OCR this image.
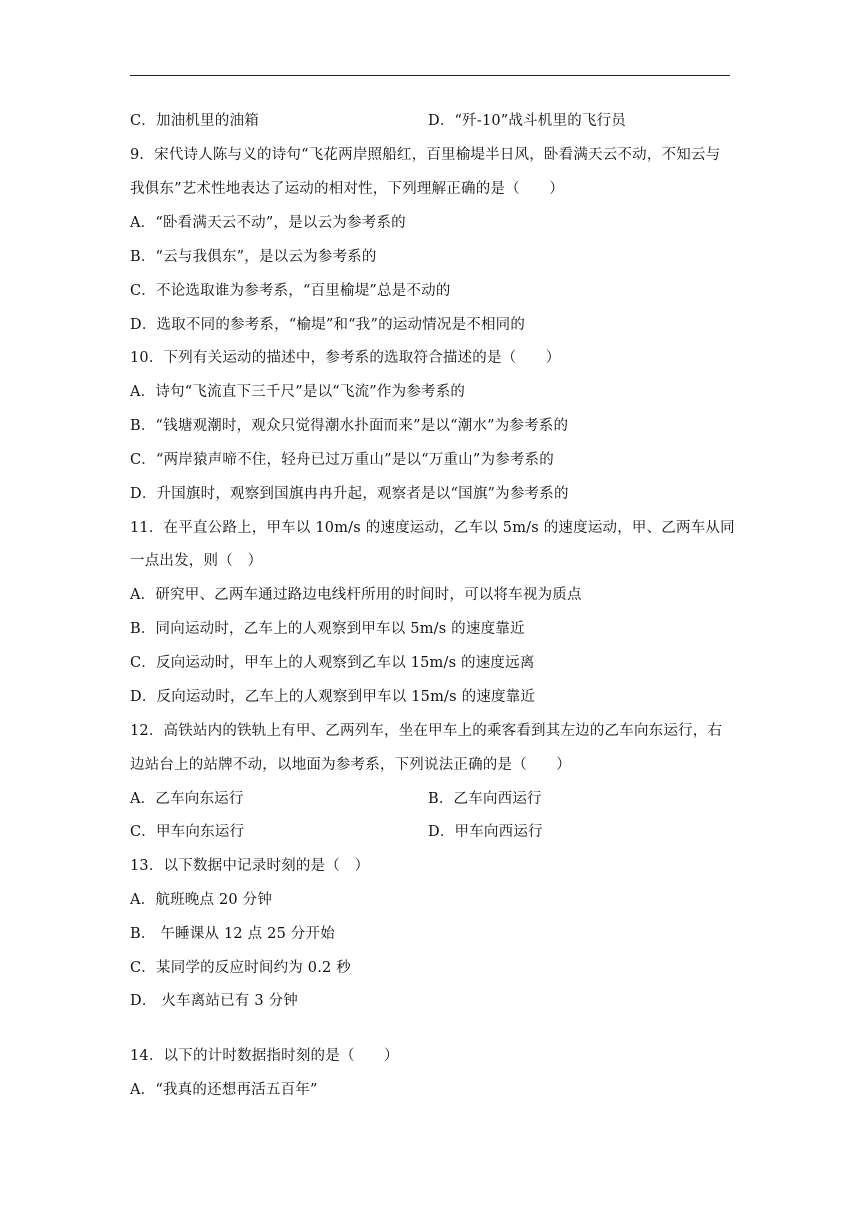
C．加油机里的油箱	D．“歼-10”战斗机里的飞行员
9．宋代诗人陈与义的诗句“飞花两岸照船红，百里榆堤半日风，卧看满天云不动，不知云与
我俱东”艺术性地表达了运动的相对性，下列理解正确的是（　　）
A．“卧看满天云不动”，是以云为参考系的
B．“云与我俱东”，是以云为参考系的
C．不论选取谁为参考系，“百里榆堤”总是不动的
D．选取不同的参考系，“榆堤”和“我”的运动情况是不相同的
10．下列有关运动的描述中，参考系的选取符合描述的是（　　）
A．诗句“飞流直下三千尺”是以“飞流”作为参考系的
B．“钱塘观潮时，观众只觉得潮水扑面而来”是以“潮水”为参考系的
C．“两岸猿声啼不住，轻舟已过万重山”是以“万重山”为参考系的
D．升国旗时，观察到国旗冉冉升起，观察者是以“国旗”为参考系的
11．在平直公路上，甲车以 10m/s 的速度运动，乙车以 5m/s 的速度运动，甲、乙两车从同
一点出发，则（　）
A．研究甲、乙两车通过路边电线杆所用的时间时，可以将车视为质点
B．同向运动时，乙车上的人观察到甲车以 5m/s 的速度靠近
C．反向运动时，甲车上的人观察到乙车以 15m/s 的速度远离
D．反向运动时，乙车上的人观察到甲车以 15m/s 的速度靠近
12．高铁站内的铁轨上有甲、乙两列车，坐在甲车上的乘客看到其左边的乙车向东运行，右
边站台上的站牌不动，以地面为参考系，下列说法正确的是（　　）
A．乙车向东运行	B．乙车向西运行
C．甲车向东运行	D．甲车向西运行
13．以下数据中记录时刻的是（　）
A．航班晚点 20 分钟
B． 午睡课从 12 点 25 分开始
C．某同学的反应时间约为 0.2 秒
D． 火车离站已有 3 分钟
14．以下的计时数据指时刻的是（　　）
A．“我真的还想再活五百年”
